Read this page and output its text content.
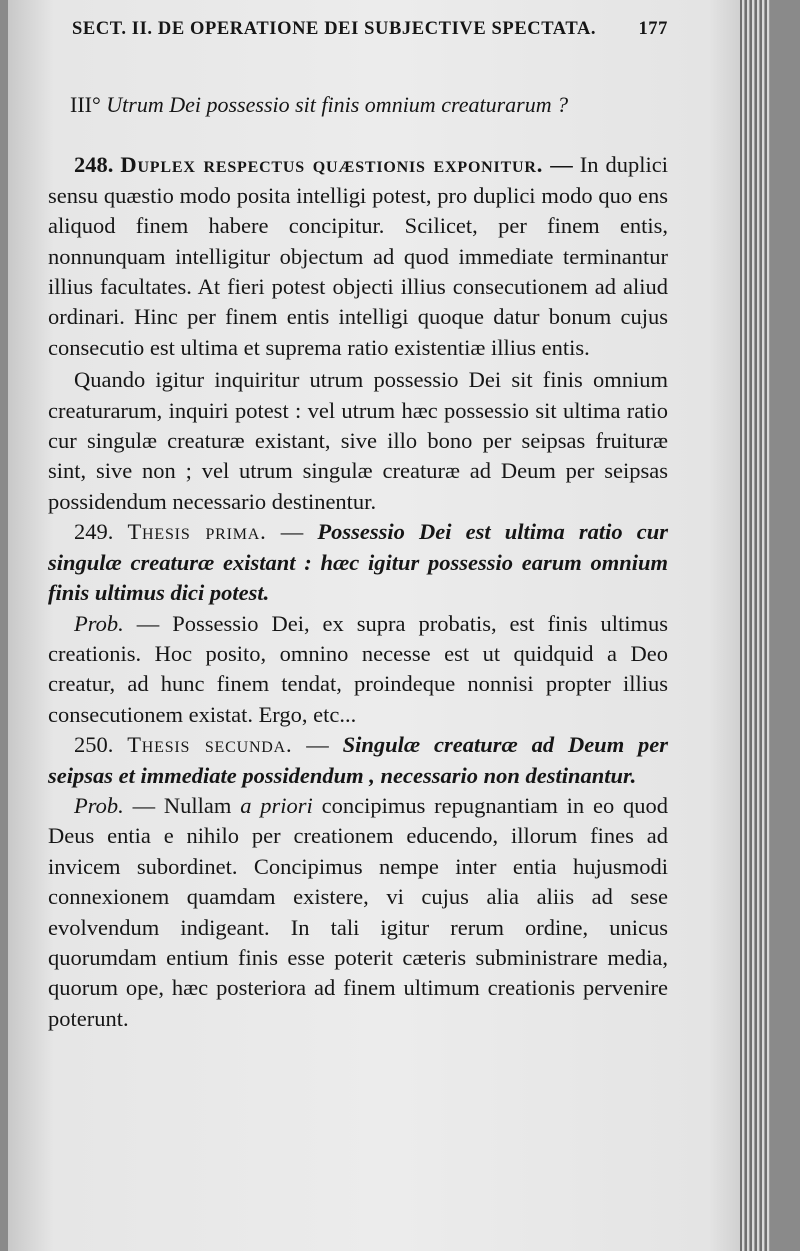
SECT. II. DE OPERATIONE DEI SUBJECTIVE SPECTATA. 177
III° Utrum Dei possessio sit finis omnium creaturarum ?

248. Duplex respectus quæstionis exponitur. — In duplici sensu quæstio modo posita intelligi potest, pro duplici modo quo ens aliquod finem habere concipitur. Scilicet, per finem entis, nonnunquam intelligitur objectum ad quod immediate terminantur illius facultates. At fieri potest objecti illius consecutionem ad aliud ordinari. Hinc per finem entis intelligi quoque datur bonum cujus consecutio est ultima et suprema ratio existentiæ illius entis.

Quando igitur inquiritur utrum possessio Dei sit finis omnium creaturarum, inquiri potest : vel utrum hæc possessio sit ultima ratio cur singulæ creaturæ existant, sive illo bono per seipsas fruituræ sint, sive non ; vel utrum singulæ creaturæ ad Deum per seipsas possidendum necessario destinentur.

249. Thesis prima. — Possessio Dei est ultima ratio cur singulæ creaturæ existant : hæc igitur possessio earum omnium finis ultimus dici potest.

Prob. — Possessio Dei, ex supra probatis, est finis ultimus creationis. Hoc posito, omnino necesse est ut quidquid a Deo creatur, ad hunc finem tendat, proindeque nonnisi propter illius consecutionem existat. Ergo, etc...

250. Thesis secunda. — Singulæ creaturæ ad Deum per seipsas et immediate possidendum , necessario non destinantur.

Prob. — Nullam a priori concipimus repugnantiam in eo quod Deus entia e nihilo per creationem educendo, illorum fines ad invicem subordinet. Concipimus nempe inter entia hujusmodi connexionem quamdam existere, vi cujus alia aliis ad sese evolvendum indigeant. In tali igitur rerum ordine, unicus quorumdam entium finis esse poterit cæteris subministrare media, quorum ope, hæc posteriora ad finem ultimum creationis pervenire poterunt.
